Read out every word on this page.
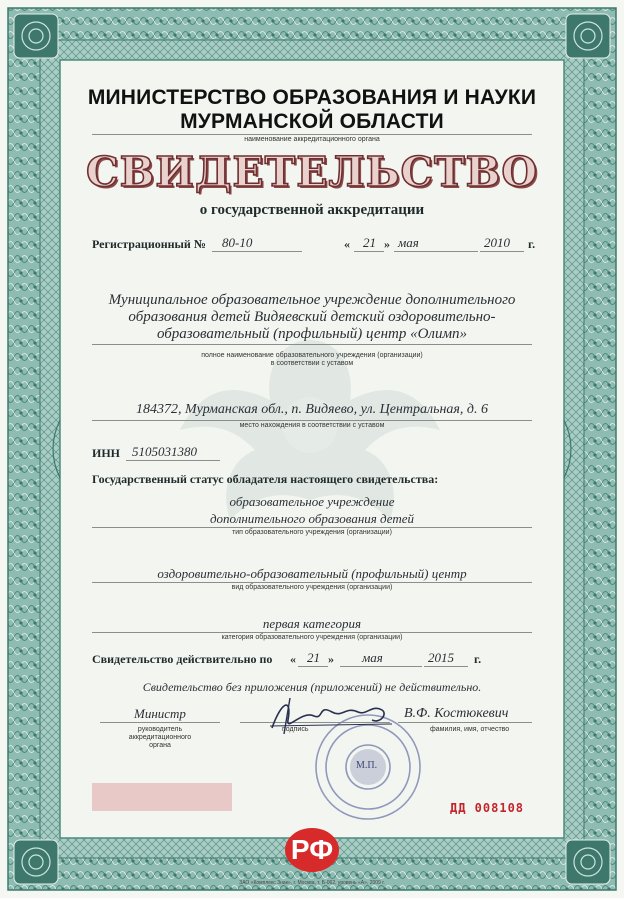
МИНИСТЕРСТВО ОБРАЗОВАНИЯ И НАУКИ
МУРМАНСКОЙ ОБЛАСТИ
наименование аккредитационного органа
СВИДЕТЕЛЬСТВО
о государственной аккредитации
Регистрационный № 80-10	« 21 » мая	2010 г.
Муниципальное образовательное учреждение дополнительного
образования детей Видяевский детский оздоровительно-
образовательный (профильный) центр «Олимп»
полное наименование образовательного учреждения (организации)
в соответствии с уставом
184372, Мурманская обл., п. Видяево, ул. Центральная, д. 6
место нахождения в соответствии с уставом
ИНН 5105031380
Государственный статус обладателя настоящего свидетельства:
образовательное учреждение
дополнительного образования детей
тип образовательного учреждения (организации)
оздоровительно-образовательный (профильный) центр
вид образовательного учреждения (организации)
первая категория
категория образовательного учреждения (организации)
Свидетельство действительно по « 21 » мая	2015 г.
Свидетельство без приложения (приложений) не действительно.
Министр
руководитель
аккредитационного
органа
подпись
В.Ф. Костюкевич
фамилия, имя, отчество
М.П.
ДД 008108
РФ
ЗАО «Комплекс Знак», г. Москва, т. Б-062, уровень «А», 2009 г.
